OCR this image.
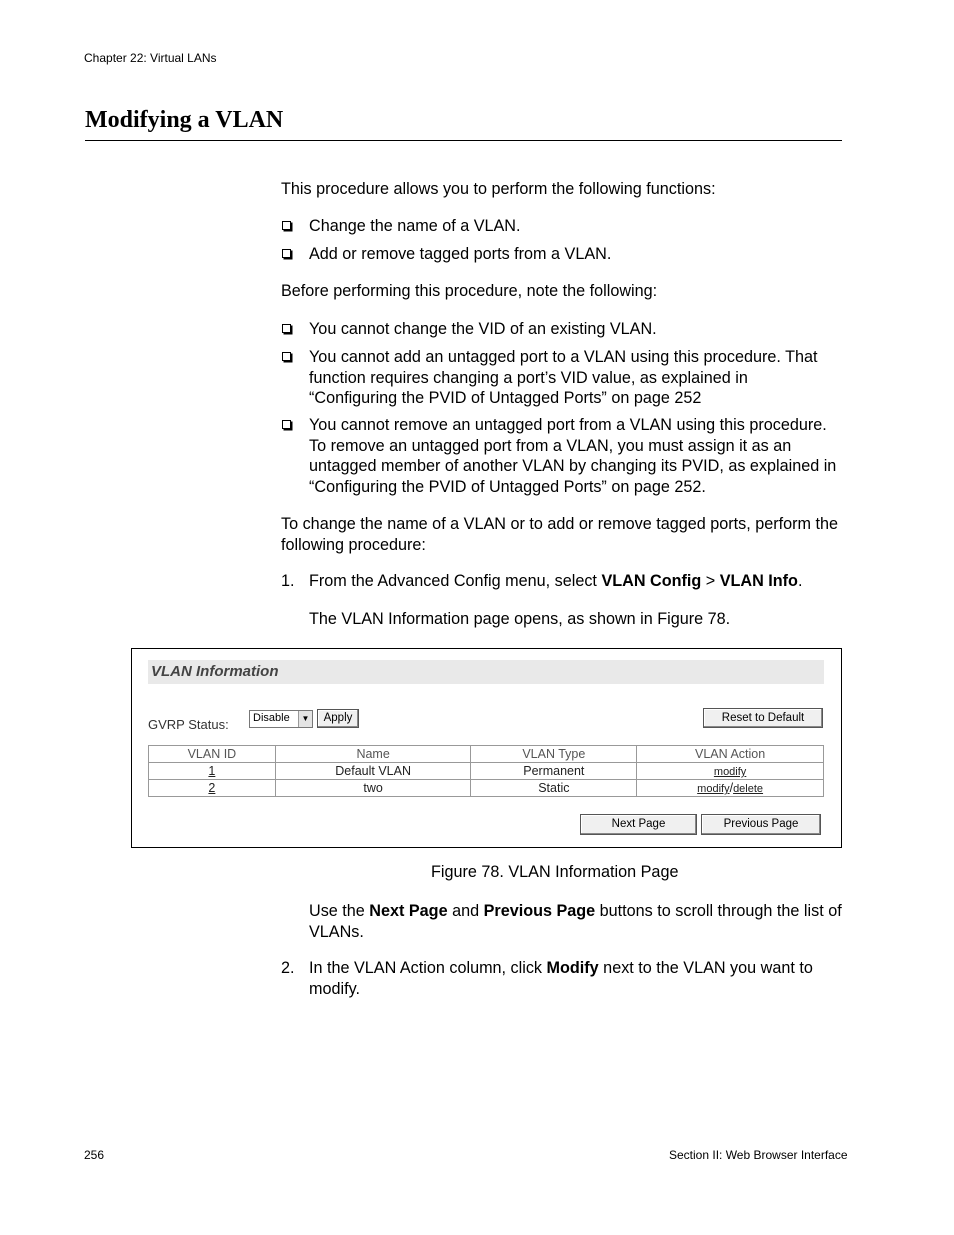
Chapter 22: Virtual LANs
Modifying a VLAN
This procedure allows you to perform the following functions:
Change the name of a VLAN.
Add or remove tagged ports from a VLAN.
Before performing this procedure, note the following:
You cannot change the VID of an existing VLAN.
You cannot add an untagged port to a VLAN using this procedure. That function requires changing a port’s VID value, as explained in “Configuring the PVID of Untagged Ports” on page 252
You cannot remove an untagged port from a VLAN using this procedure. To remove an untagged port from a VLAN, you must assign it as an untagged member of another VLAN by changing its PVID, as explained in “Configuring the PVID of Untagged Ports” on page 252.
To change the name of a VLAN or to add or remove tagged ports, perform the following procedure:
1. From the Advanced Config menu, select VLAN Config > VLAN Info.
The VLAN Information page opens, as shown in Figure 78.
VLAN Information
GVRP Status: Disable	▼	Apply	Reset to Default
VLAN ID	Name	VLAN Type	VLAN Action
1	Default VLAN	Permanent	modify
2	two	Static	modify/delete
Next Page	Previous Page
Figure 78. VLAN Information Page
Use the Next Page and Previous Page buttons to scroll through the list of VLANs.
2. In the VLAN Action column, click Modify next to the VLAN you want to modify.
256	Section II: Web Browser Interface
